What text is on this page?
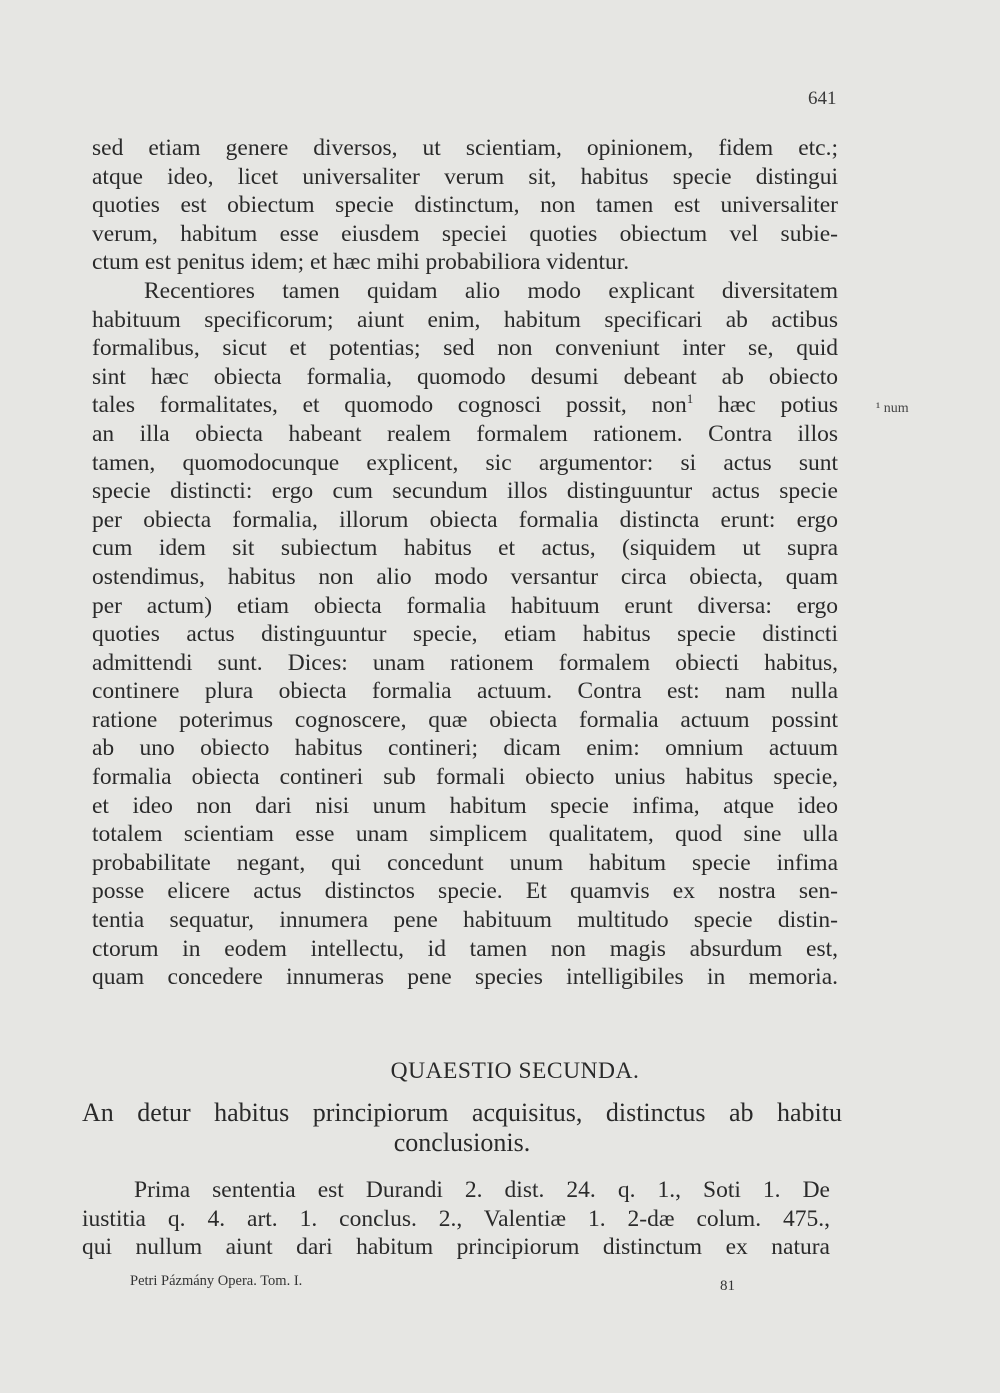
641
¹ num
sed etiam genere diversos, ut scientiam, opinionem, fidem etc.;
atque ideo, licet universaliter verum sit, habitus specie distingui
quoties est obiectum specie distinctum, non tamen est universaliter
verum, habitum esse eiusdem speciei quoties obiectum vel subie-
ctum est penitus idem; et hæc mihi probabiliora videntur.
Recentiores tamen quidam alio modo explicant diversitatem
habituum specificorum; aiunt enim, habitum specificari ab actibus
formalibus, sicut et potentias; sed non conveniunt inter se, quid
sint hæc obiecta formalia, quomodo desumi debeant ab obiecto
tales formalitates, et quomodo cognosci possit, non$^1$ hæc potius
an illa obiecta habeant realem formalem rationem. Contra illos
tamen, quomodocunque explicent, sic argumentor: si actus sunt
specie distincti: ergo cum secundum illos distinguuntur actus specie
per obiecta formalia, illorum obiecta formalia distincta erunt: ergo
cum idem sit subiectum habitus et actus, (siquidem ut supra
ostendimus, habitus non alio modo versantur circa obiecta, quam
per actum) etiam obiecta formalia habituum erunt diversa: ergo
quoties actus distinguuntur specie, etiam habitus specie distincti
admittendi sunt. Dices: unam rationem formalem obiecti habitus,
continere plura obiecta formalia actuum. Contra est: nam nulla
ratione poterimus cognoscere, quæ obiecta formalia actuum possint
ab uno obiecto habitus contineri; dicam enim: omnium actuum
formalia obiecta contineri sub formali obiecto unius habitus specie,
et ideo non dari nisi unum habitum specie infima, atque ideo
totalem scientiam esse unam simplicem qualitatem, quod sine ulla
probabilitate negant, qui concedunt unum habitum specie infima
posse elicere actus distinctos specie. Et quamvis ex nostra sen-
tentia sequatur, innumera pene habituum multitudo specie distin-
ctorum in eodem intellectu, id tamen non magis absurdum est,
quam concedere innumeras pene species intelligibiles in memoria.
QUAESTIO SECUNDA.
An detur habitus principiorum acquisitus, distinctus ab habitu
conclusionis.
Prima sententia est Durandi 2. dist. 24. q. 1., Soti 1. De
iustitia q. 4. art. 1. conclus. 2., Valentiæ 1. 2-dæ colum. 475.,
qui nullum aiunt dari habitum principiorum distinctum ex natura
Petri Pázmány Opera. Tom. I.	81
